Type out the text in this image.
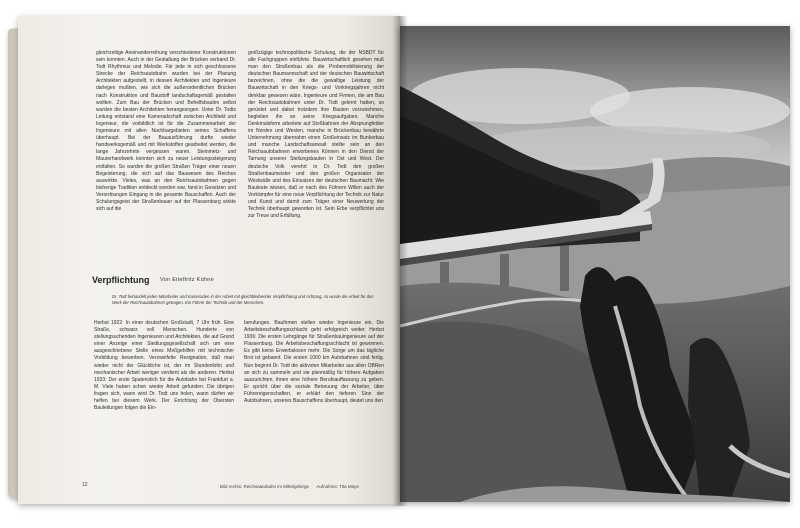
gleichzeitige Aneinanderreihung verschiedener Konstruktionen sein konnten. Auch in der Gestaltung der Brücken verband Dr. Todt Rhythmus und Melodie. Für jede in sich geschlossene Strecke der Reichsautobahn wurden bei der Planung Architekten aufgestellt, in dessen Architekten und Ingenieure darlegen mußten, wie sich die außerordentlichen Brücken nach Konstruktion und Baustoff landschaftsgemäß gestalten wollten. Zum Bau der Brücken und Behelfsbauten selbst wurden die besten Architekten herangezogen. Unter Dr. Todts Leitung entstand eine Kameradschaft zwischen Architekt und Ingenieur, die vorbildlich ist für die Zusammenarbeit der Ingenieure mit allen Nachbargebieten seines Schaffens überhaupt. Bei der Bauausführung durfte wieder handwerksgemäß und mit Werkstoffen gearbeitet werden, die lange Jahrzehnte vergessen waren. Steinmetz- und Maurerhandwerk konnten sich zu neuer Leistungssteigerung entfalten. So wurden die großen Straßen Träger einer neuen Begeisterung, die sich auf das Bauwesen des Reiches auswirkte. Vieles, was an den Reichsautobahnen gegen bisherige Tradition entdeckt worden war, fand in Gesetzen und Verordnungen Eingang in die gesamte Bauschaffen. Auch der Schulungsgeist der Straßenbauer auf der Plassenburg wirkte sich auf die
großzügige technopolitische Schulung, die der NSBDT für alle Fachgruppen einführte. Bauwirtschaftlich gesehen muß man den Straßenbau als die Probemobilisierung der deutschen Baumannschaft und der deutschen Bauwirtschaft bezeichnen, ohne die die gewaltige Leistung der Bauwirtschaft in den Kriegs- und Vorkriegsjahren nicht denkbar gewesen wäre. Ingenieure und Firmen, die am Bau der Reichsautobahnen unter Dr. Todt gelernt hatten, so gerüstet und dabei trotzdem ihre Bauten vorzunehmen, begleiten ihn an seine Kriegsaufgaben. Manche Denkmalsform arbeitete auf Stoßbahnen der Absprungfelder im Norden und Westen, manche in Brückenbau bewährte Unternehmung übernahm einen Großeinsatz im Bunkerbau und manche Landschaftsanwalt stellte sein an den Reichsautobahnen erworbenes Können in den Dienst der Tarnung unserer Stellungsbauten in Ost und West. Der deutsche Volk verehrt in Dr. Todt den großen Straßenbaumeister und den großen Organisator der Westwälle und des Einsatzes der deutschen Baumacht. Wie Bauleute wissen, daß er nach des Führers Willen auch der Vorkämpfer für eine neue Verpflichtung der Technik zur Natur und Kunst und damit zum Träger einer Neuwertung der Technik überhaupt geworden ist. Sein Erbe verpflichtet uns zur Treue und Erfüllung.
Verpflichtung Von Eitelfritz Kühne
Dr. Todt behandelt jeden Mitarbeiter und Kameraden in der Arbeit mit gleichbleibender Verpflichtung und Achtung, so wurde die Arbeit für das Werk der Reichsautobahnen getragen. Ein Führer der Technik und der Menschen.
Herbst 1922: In einer deutschen Großstadt, 7 Uhr früh. Eine Straße, schwarz voll Menschen. Hunderte von stellungsuchenden Ingenieuren und Architekten, die auf Grund einer Anzeige einer Siedlungsgesellschaft sich um eine ausgeschriebene Stelle eines Meßgehilfen mit technischer Vorbildung bewerben. Verzweifelte Resignation, daß man wieder nicht der Glückliche ist, der im Stundenlohn und mechanischer Arbeit weniger verdient als die anderen. Herbst 1933: Der erste Spatenstich für die Autobahn bei Frankfurt a. M. Viele haben schon wieder Arbeit gefunden. Die übrigen fragen sich, wann wird Dr. Todt uns holen, wann dürfen wir helfen bei diesem Werk. Der Errichtung der Obersten Bauleitungen folgen die Ein-
berufungen. Baufirmen stellen wieder Ingenieure ein. Die Arbeitsbeschaffungsschlacht geht erfolgreich weiter. Herbst 1936: Die ersten Lehrgänge für Straßenbauingenieure auf der Plassenburg. Die Arbeitsbeschaffungsschlacht ist gewonnen. Es gibt keine Erwerbslosen mehr. Die Sorge um das tägliche Brot ist gebannt. Die ersten 1000 km Autobahnen sind fertig. Nun beginnt Dr. Todt die aktivsten Mitarbeiter aus allen OBRen an sich zu sammeln und sie planmäßig für höhere Aufgaben auszurichten, ihnen eine höhere Berufsauffassung zu geben. Er spricht über die soziale Betreuung der Arbeiter, über Führereigenschaften, er erklärt den tieferen Sinn der Autobahnen, unseres Bauschaffens überhaupt, deutet uns den
12	Bild rechts: Reichsautobahn im Mittelgebirge Aufnahme: Tita Maye
